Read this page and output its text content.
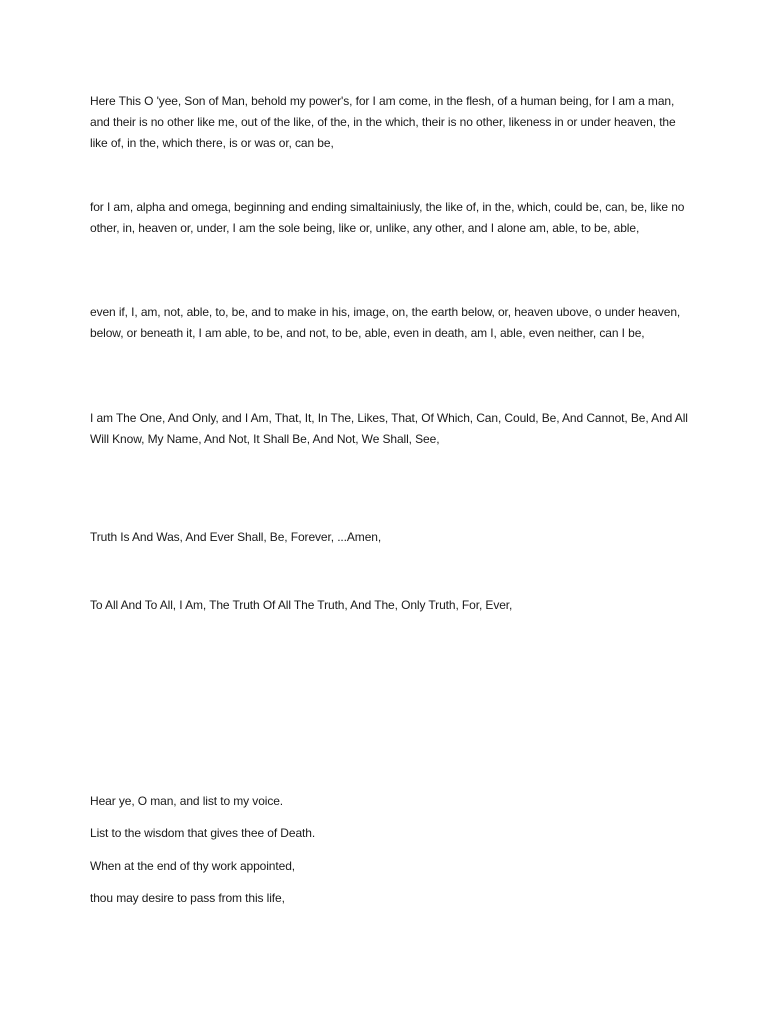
Here This O 'yee, Son of Man, behold my power's, for I am come, in the flesh, of a human being, for I am a man, and their is no other like me, out of the like, of the, in the which, their is no other, likeness in or under heaven, the like of, in the, which there, is or was or, can be,

for I am, alpha and omega, beginning and ending simaltainiusly, the like of, in the, which, could be, can, be, like no other, in, heaven or, under, I am the sole being, like or, unlike, any other, and I alone am, able, to be, able,

even if, I, am, not, able, to, be, and to make in his, image, on, the earth below, or, heaven ubove, o under heaven, below, or beneath it, I am able, to be, and not, to be, able, even in death, am I, able, even neither, can I be,

I am The One, And Only, and I Am, That, It, In The, Likes, That, Of Which, Can, Could, Be, And Cannot, Be, And All Will Know, My Name, And Not, It Shall Be, And Not, We Shall, See,

Truth Is And Was, And Ever Shall, Be, Forever, ...Amen,

To All And To All, I Am, The Truth Of All The Truth, And The, Only Truth, For, Ever,

Hear ye, O man, and list to my voice.

List to the wisdom that gives thee of Death.

When at the end of thy work appointed,

thou may desire to pass from this life,
